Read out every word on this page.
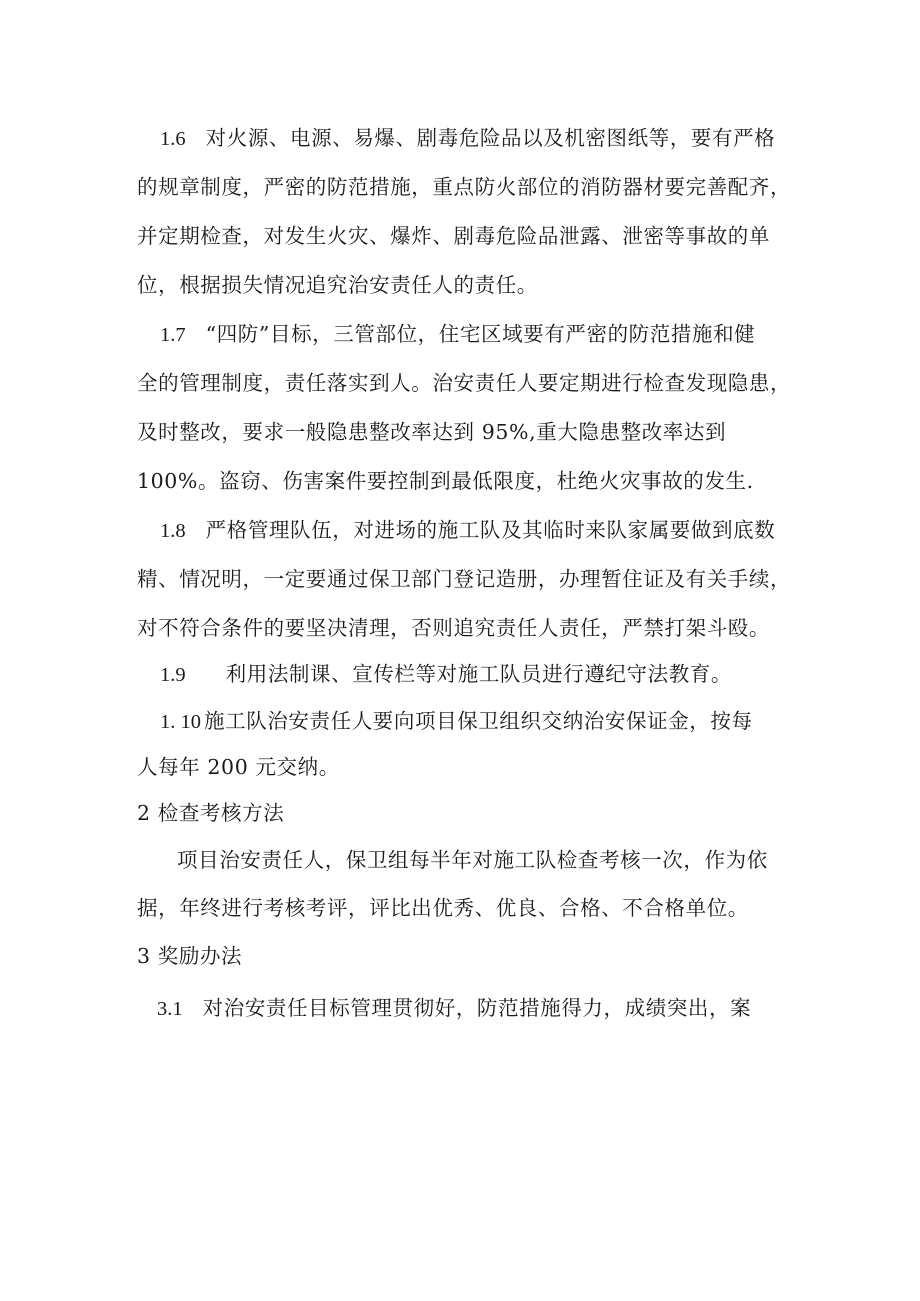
1.6 对火源、电源、易爆、剧毒危险品以及机密图纸等，要有严格
的规章制度，严密的防范措施，重点防火部位的消防器材要完善配齐，
并定期检查，对发生火灾、爆炸、剧毒危险品泄露、泄密等事故的单
位，根据损失情况追究治安责任人的责任。
1.7 “四防”目标，三管部位，住宅区域要有严密的防范措施和健
全的管理制度，责任落实到人。治安责任人要定期进行检查发现隐患，
及时整改，要求一般隐患整改率达到 95%,重大隐患整改率达到
100%。盗窃、伤害案件要控制到最低限度，杜绝火灾事故的发生.
1.8 严格管理队伍，对进场的施工队及其临时来队家属要做到底数
精、情况明，一定要通过保卫部门登记造册，办理暂住证及有关手续，
对不符合条件的要坚决清理，否则追究责任人责任，严禁打架斗殴。
1.9 利用法制课、宣传栏等对施工队员进行遵纪守法教育。
1. 10 施工队治安责任人要向项目保卫组织交纳治安保证金，按每
人每年 200 元交纳。
2 检查考核方法
项目治安责任人，保卫组每半年对施工队检查考核一次，作为依
据，年终进行考核考评，评比出优秀、优良、合格、不合格单位。
3 奖励办法
3.1 对治安责任目标管理贯彻好，防范措施得力，成绩突出，案
